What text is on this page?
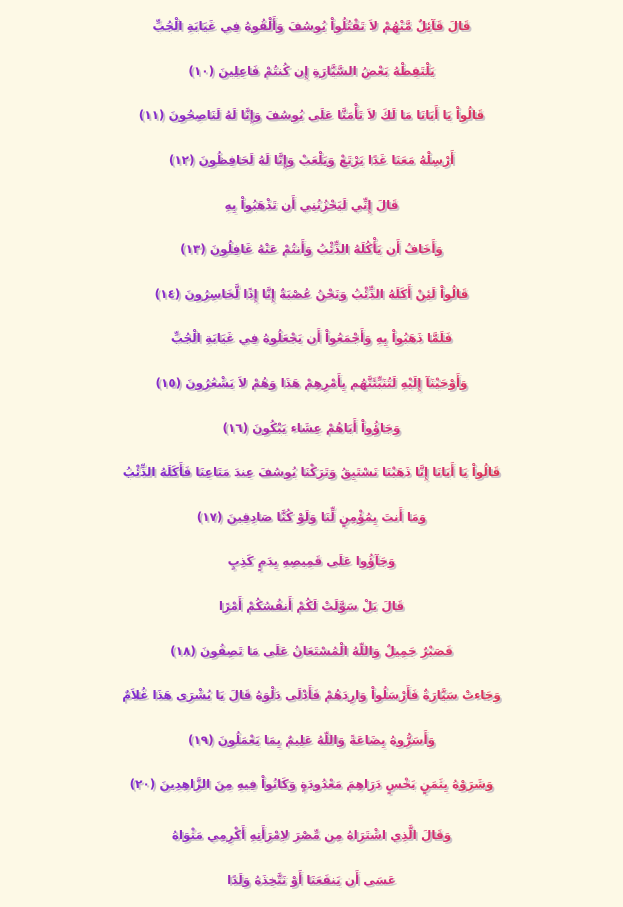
قَالَ قَآئِلٌ مَّنْهُمْ لاَ تَقْتُلُواْ يُوسُفَ وَأَلْقُوهُ فِي غَيَابَةِ الْجُبِّ
يَلْتَقِطْهُ بَعْضُ السَّيَّارَةِ إِن كُنتُمْ فَاعِلِينَ (١٠)
قَالُواْ يَا أَبَانَا مَا لَكَ لاَ تَأْمَنَّا عَلَى يُوسُفَ وَإِنَّا لَهُ لَنَاصِحُونَ (١١)
أَرْسِلْهُ مَعَنَا غَدًا يَرْتَعْ وَيَلْعَبْ وَإِنَّا لَهُ لَحَافِظُونَ (١٢)
قَالَ إِنِّي لَيَحْزُنُنِي أَن تَذْهَبُواْ بِهِ
وَأَخَافُ أَن يَأْكُلَهُ الذِّئْبُ وَأَنتُمْ عَنْهُ غَافِلُونَ (١٣)
قَالُواْ لَئِنْ أَكَلَهُ الذِّئْبُ وَنَحْنُ عُصْبَةٌ إِنَّا إِذًا لَّخَاسِرُونَ (١٤)
فَلَمَّا ذَهَبُواْ بِهِ وَأَجْمَعُواْ أَن يَجْعَلُوهُ فِي غَيَابَةِ الْجُبِّ
وَأَوْحَيْنَآ إِلَيْهِ لَتُنَبِّئَنَّهُم بِأَمْرِهِمْ هَذَا وَهُمْ لاَ يَشْعُرُونَ (١٥)
وَجَاؤُواْ أَبَاهُمْ عِشَاء يَبْكُونَ (١٦)
قَالُواْ يَا أَبَانَا إِنَّا ذَهَبْنَا نَسْتَبِقُ وَتَرَكْنَا يُوسُفَ عِندَ مَتَاعِنَا فَأَكَلَهُ الذِّئْبُ
وَمَا أَنتَ بِمُؤْمِنٍ لِّنَا وَلَوْ كُنَّا صَادِقِينَ (١٧)
وَجَآؤُوا عَلَى قَمِيصِهِ بِدَمٍ كَذِبٍ
قَالَ بَلْ سَوَّلَتْ لَكُمْ أَنفُسُكُمْ أَمْرًا
فَصَبْرٌ جَمِيلٌ وَاللّهُ الْمُسْتَعَانُ عَلَى مَا تَصِفُونَ (١٨)
وَجَاءتْ سَيَّارَةٌ فَأَرْسَلُواْ وَارِدَهُمْ فَأَدْلَى دَلْوَهُ قَالَ يَا بُشْرَى هَذَا غُلاَمٌ
وَأَسَرُّوهُ بِضَاعَةً وَاللّهُ عَلِيمٌ بِمَا يَعْمَلُونَ (١٩)
وَشَرَوْهُ بِثَمَنٍ بَخْسٍ دَرَاهِمَ مَعْدُودَةٍ وَكَانُواْ فِيهِ مِنَ الزَّاهِدِينَ (٢٠)
وَقَالَ الَّذِي اشْتَرَاهُ مِن مِّصْرَ لاِمْرَأَتِهِ أَكْرِمِي مَثْوَاهُ
عَسَى أَن يَنفَعَنَا أَوْ نَتَّخِذَهُ وَلَدًا
